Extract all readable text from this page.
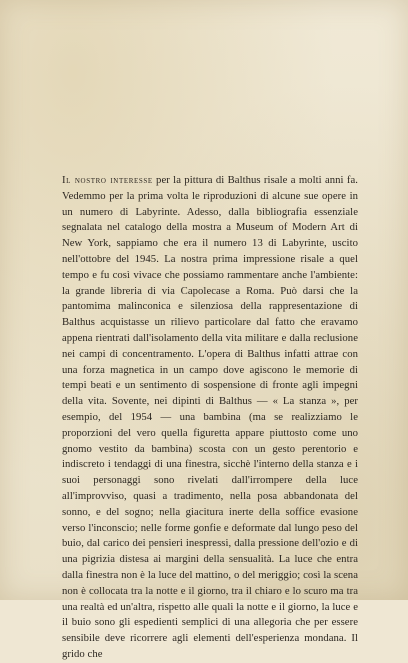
Il nostro interesse per la pittura di Balthus risale a molti anni fa. Vedemmo per la prima volta le riproduzioni di alcune sue opere in un numero di Labyrinte. Adesso, dalla bibliografia essenziale segnalata nel catalogo della mostra a Museum of Modern Art di New York, sappiamo che era il numero 13 di Labyrinte, uscito nell'ottobre del 1945. La nostra prima impressione risale a quel tempo e fu così vivace che possiamo rammentare anche l'ambiente: la grande libreria di via Capolecase a Roma. Può darsi che la pantomima malinconica e silenziosa della rappresentazione di Balthus acquistasse un rilievo particolare dal fatto che eravamo appena rientrati dall'isolamento della vita militare e dalla reclusione nei campi di concentramento. L'opera di Balthus infatti attrae con una forza magnetica in un campo dove agiscono le memorie di tempi beati e un sentimento di sospensione di fronte agli impegni della vita. Sovente, nei dipinti di Balthus — « La stanza », per esempio, del 1954 — una bambina (ma se realizziamo le proporzioni del vero quella figuretta appare piuttosto come uno gnomo vestito da bambina) scosta con un gesto perentorio e indiscreto i tendaggi di una finestra, sicchè l'interno della stanza e i suoi personaggi sono rivelati dall'irrompere della luce all'improvviso, quasi a tradimento, nella posa abbandonata del sonno, e del sogno; nella giacitura inerte della soffice evasione verso l'inconscio; nelle forme gonfie e deformate dal lungo peso del buio, dal carico dei pensieri inespressi, dalla pressione dell'ozio e di una pigrizia distesa ai margini della sensualità. La luce che entra dalla finestra non è la luce del mattino, o del meriggio; così la scena non è collocata tra la notte e il giorno, tra il chiaro e lo scuro ma tra una realtà ed un'altra, rispetto alle quali la notte e il giorno, la luce e il buio sono gli espedienti semplici di una allegoria che per essere sensibile deve ricorrere agli elementi dell'esperienza mondana. Il grido che
